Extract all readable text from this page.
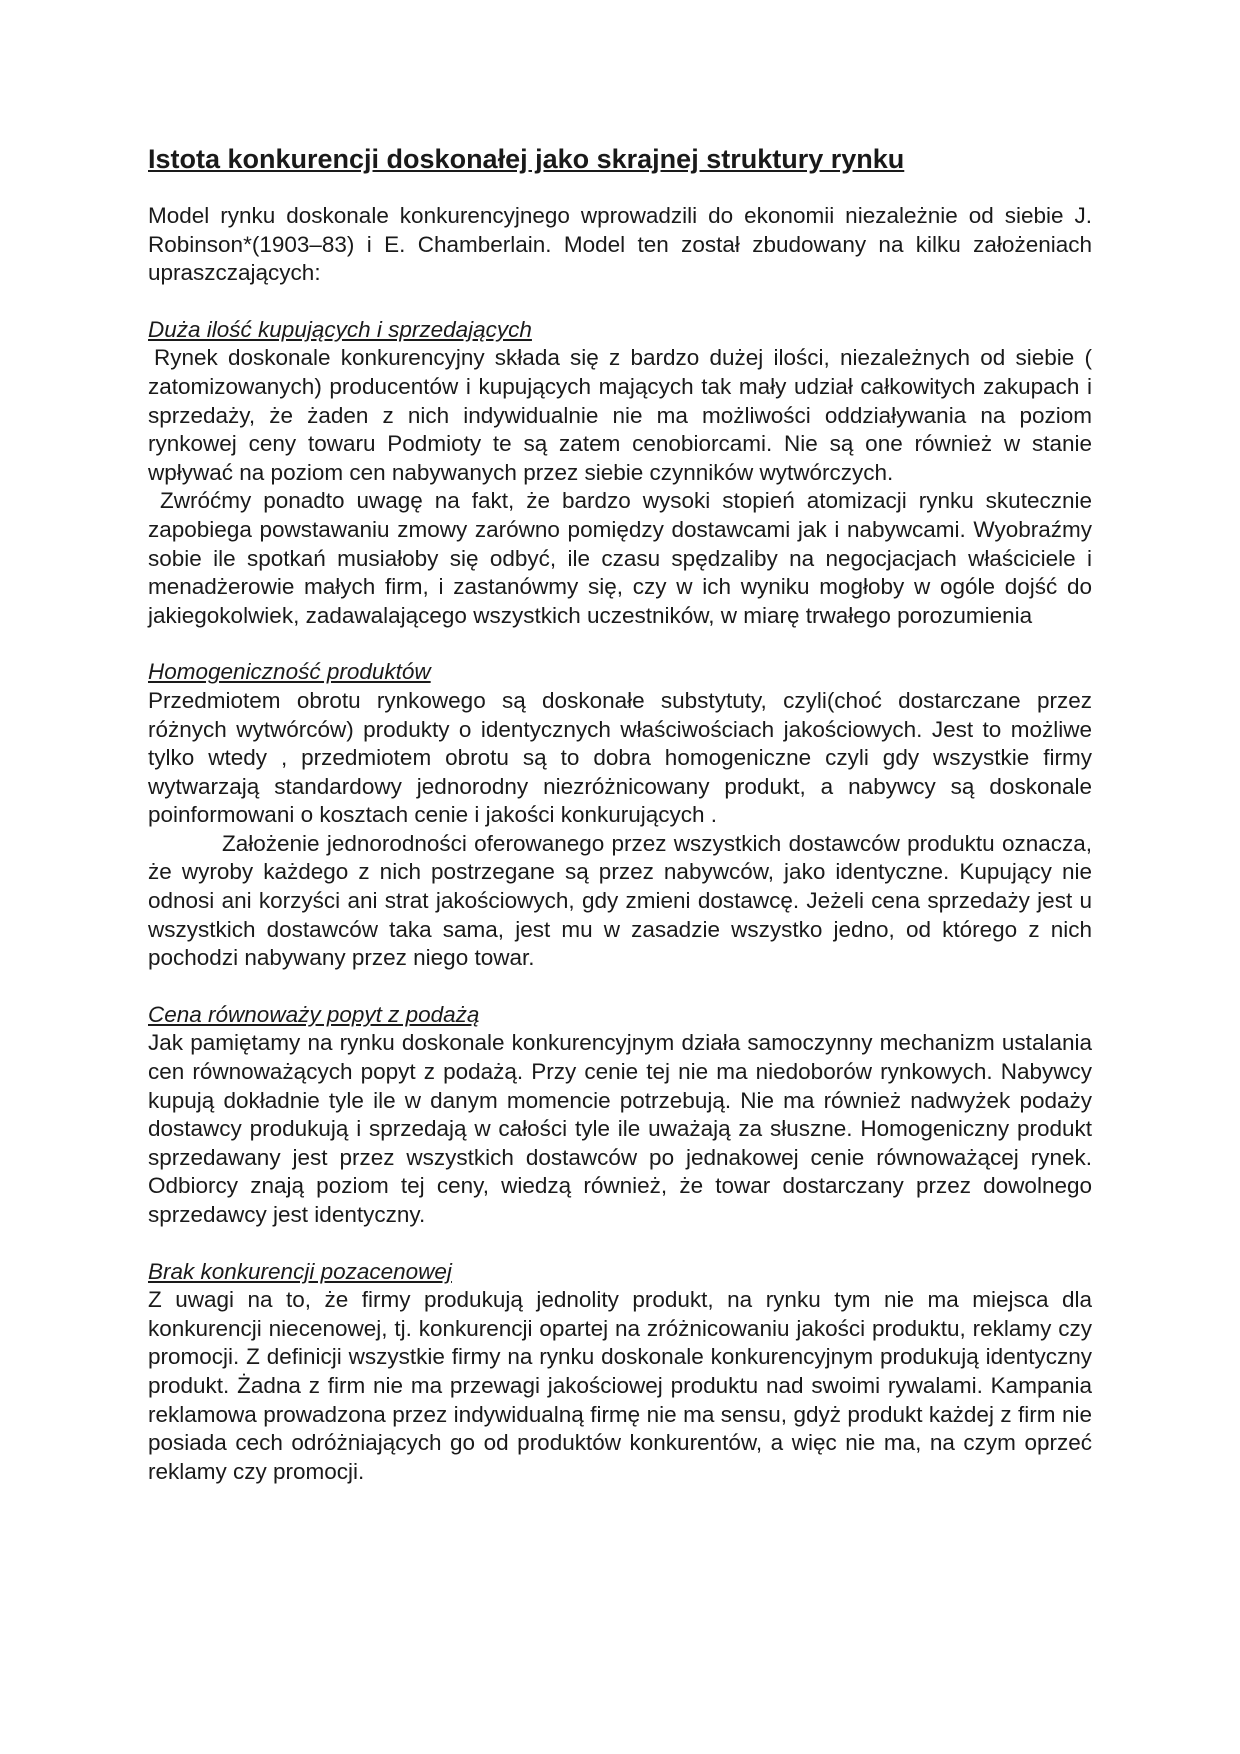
Istota konkurencji doskonałej jako skrajnej struktury rynku

Model rynku doskonale konkurencyjnego wprowadzili do ekonomii niezależnie od siebie J. Robinson*(1903–83) i E. Chamberlain. Model ten został zbudowany na kilku założeniach upraszczających:

Duża ilość kupujących i sprzedających

Rynek doskonale konkurencyjny składa się z bardzo dużej ilości, niezależnych od siebie ( zatomizowanych) producentów i kupujących mających tak mały udział całkowitych zakupach i sprzedaży, że żaden z nich indywidualnie nie ma możliwości oddziaływania na poziom rynkowej ceny towaru Podmioty te są zatem cenobiorcami. Nie są one również w stanie wpływać na poziom cen nabywanych przez siebie czynników wytwórczych.

Zwróćmy ponadto uwagę na fakt, że bardzo wysoki stopień atomizacji rynku skutecznie zapobiega powstawaniu zmowy zarówno pomiędzy dostawcami jak i nabywcami. Wyobraźmy sobie ile spotkań musiałoby się odbyć, ile czasu spędzaliby na negocjacjach właściciele i menadżerowie małych firm, i zastanówmy się, czy w ich wyniku mogłoby w ogóle dojść do jakiegokolwiek, zadawalającego wszystkich uczestników, w miarę trwałego porozumienia

Homogeniczność produktów

Przedmiotem obrotu rynkowego są doskonałe substytuty, czyli(choć dostarczane przez różnych wytwórców) produkty o identycznych właściwościach jakościowych. Jest to możliwe tylko wtedy , przedmiotem obrotu są to dobra homogeniczne czyli gdy wszystkie firmy wytwarzają standardowy jednorodny niezróżnicowany produkt, a nabywcy są doskonale poinformowani o kosztach cenie i jakości konkurujących .

Założenie jednorodności oferowanego przez wszystkich dostawców produktu oznacza, że wyroby każdego z nich postrzegane są przez nabywców, jako identyczne. Kupujący nie odnosi ani korzyści ani strat jakościowych, gdy zmieni dostawcę. Jeżeli cena sprzedaży jest u wszystkich dostawców taka sama, jest mu w zasadzie wszystko jedno, od którego z nich pochodzi nabywany przez niego towar.

Cena równoważy popyt z podażą

Jak pamiętamy na rynku doskonale konkurencyjnym działa samoczynny mechanizm ustalania cen równoważących popyt z podażą. Przy cenie tej nie ma niedoborów rynkowych. Nabywcy kupują dokładnie tyle ile w danym momencie potrzebują. Nie ma również nadwyżek podaży dostawcy produkują i sprzedają w całości tyle ile uważają za słuszne. Homogeniczny produkt sprzedawany jest przez wszystkich dostawców po jednakowej cenie równoważącej rynek. Odbiorcy znają poziom tej ceny, wiedzą również, że towar dostarczany przez dowolnego sprzedawcy jest identyczny.

Brak konkurencji pozacenowej

Z uwagi na to, że firmy produkują jednolity produkt, na rynku tym nie ma miejsca dla konkurencji niecenowej, tj. konkurencji opartej na zróżnicowaniu jakości produktu, reklamy czy promocji. Z definicji wszystkie firmy na rynku doskonale konkurencyjnym produkują identyczny produkt. Żadna z firm nie ma przewagi jakościowej produktu nad swoimi rywalami. Kampania reklamowa prowadzona przez indywidualną firmę nie ma sensu, gdyż produkt każdej z firm nie posiada cech odróżniających go od produktów konkurentów, a więc nie ma, na czym oprzeć reklamy czy promocji.
